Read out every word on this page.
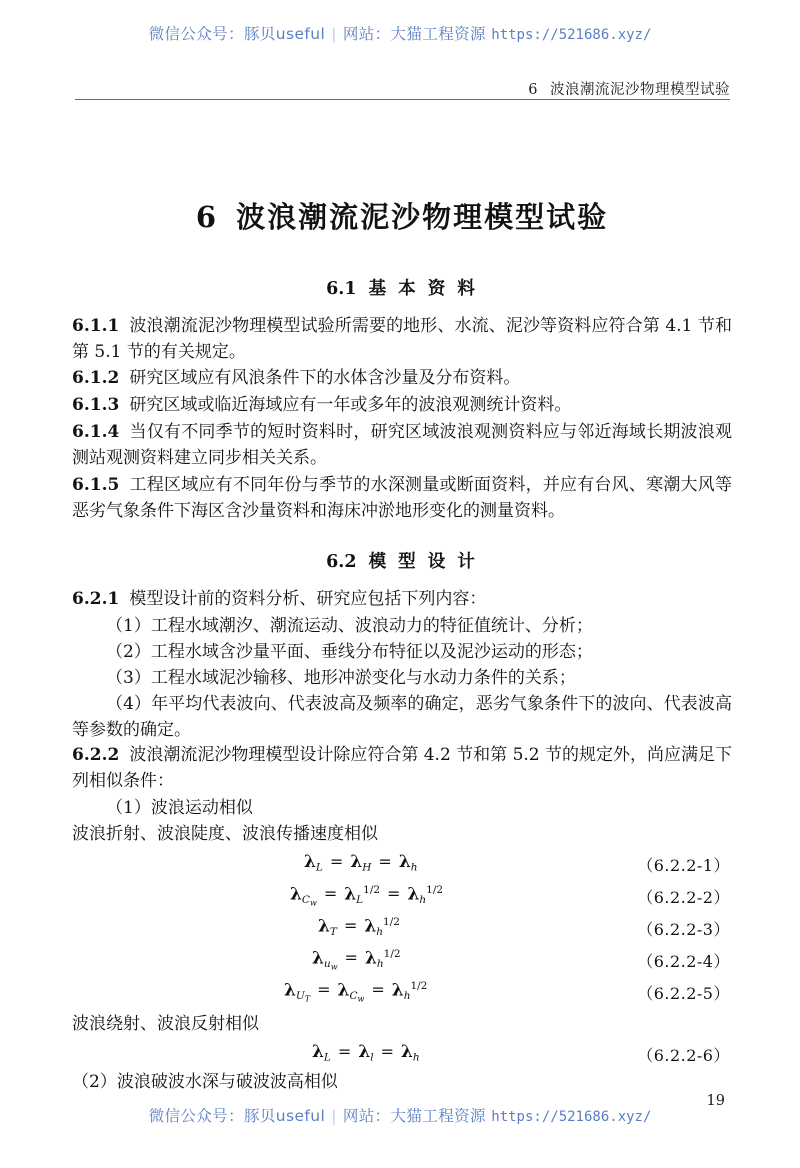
微信公众号：豚贝useful | 网站：大猫工程资源 https://521686.xyz/
6 波浪潮流泥沙物理模型试验
19
6 波浪潮流泥沙物理模型试验
6.1 基 本 资 料

6.1.1 波浪潮流泥沙物理模型试验所需要的地形、水流、泥沙等资料应符合第 4.1 节和第 5.1 节的有关规定。

6.1.2 研究区域应有风浪条件下的水体含沙量及分布资料。

6.1.3 研究区域或临近海域应有一年或多年的波浪观测统计资料。

6.1.4 当仅有不同季节的短时资料时，研究区域波浪观测资料应与邻近海域长期波浪观测站观测资料建立同步相关关系。

6.1.5 工程区域应有不同年份与季节的水深测量或断面资料，并应有台风、寒潮大风等恶劣气象条件下海区含沙量资料和海床冲淤地形变化的测量资料。

6.2 模 型 设 计

6.2.1 模型设计前的资料分析、研究应包括下列内容：

（1）工程水域潮汐、潮流运动、波浪动力的特征值统计、分析；

（2）工程水域含沙量平面、垂线分布特征以及泥沙运动的形态；

（3）工程水域泥沙输移、地形冲淤变化与水动力条件的关系；

（4）年平均代表波向、代表波高及频率的确定，恶劣气象条件下的波向、代表波高等参数的确定。

6.2.2 波浪潮流泥沙物理模型设计除应符合第 4.2 节和第 5.2 节的规定外，尚应满足下列相似条件：

（1）波浪运动相似

波浪折射、波浪陡度、波浪传播速度相似

$\lambda_L = \lambda_H = \lambda_h$	（6.2.2-1）
$\lambda_{C_w} = \lambda_L^{1/2} = \lambda_h^{1/2}$	（6.2.2-2）
$\lambda_T = \lambda_h^{1/2}$	（6.2.2-3）
$\lambda_{u_w} = \lambda_h^{1/2}$	（6.2.2-4）
$\lambda_{U_T} = \lambda_{C_w} = \lambda_h^{1/2}$	（6.2.2-5）

波浪绕射、波浪反射相似

$\lambda_L = \lambda_l = \lambda_h$	（6.2.2-6）

（2）波浪破波水深与破波波高相似

微信公众号：豚贝useful | 网站：大猫工程资源 https://521686.xyz/
